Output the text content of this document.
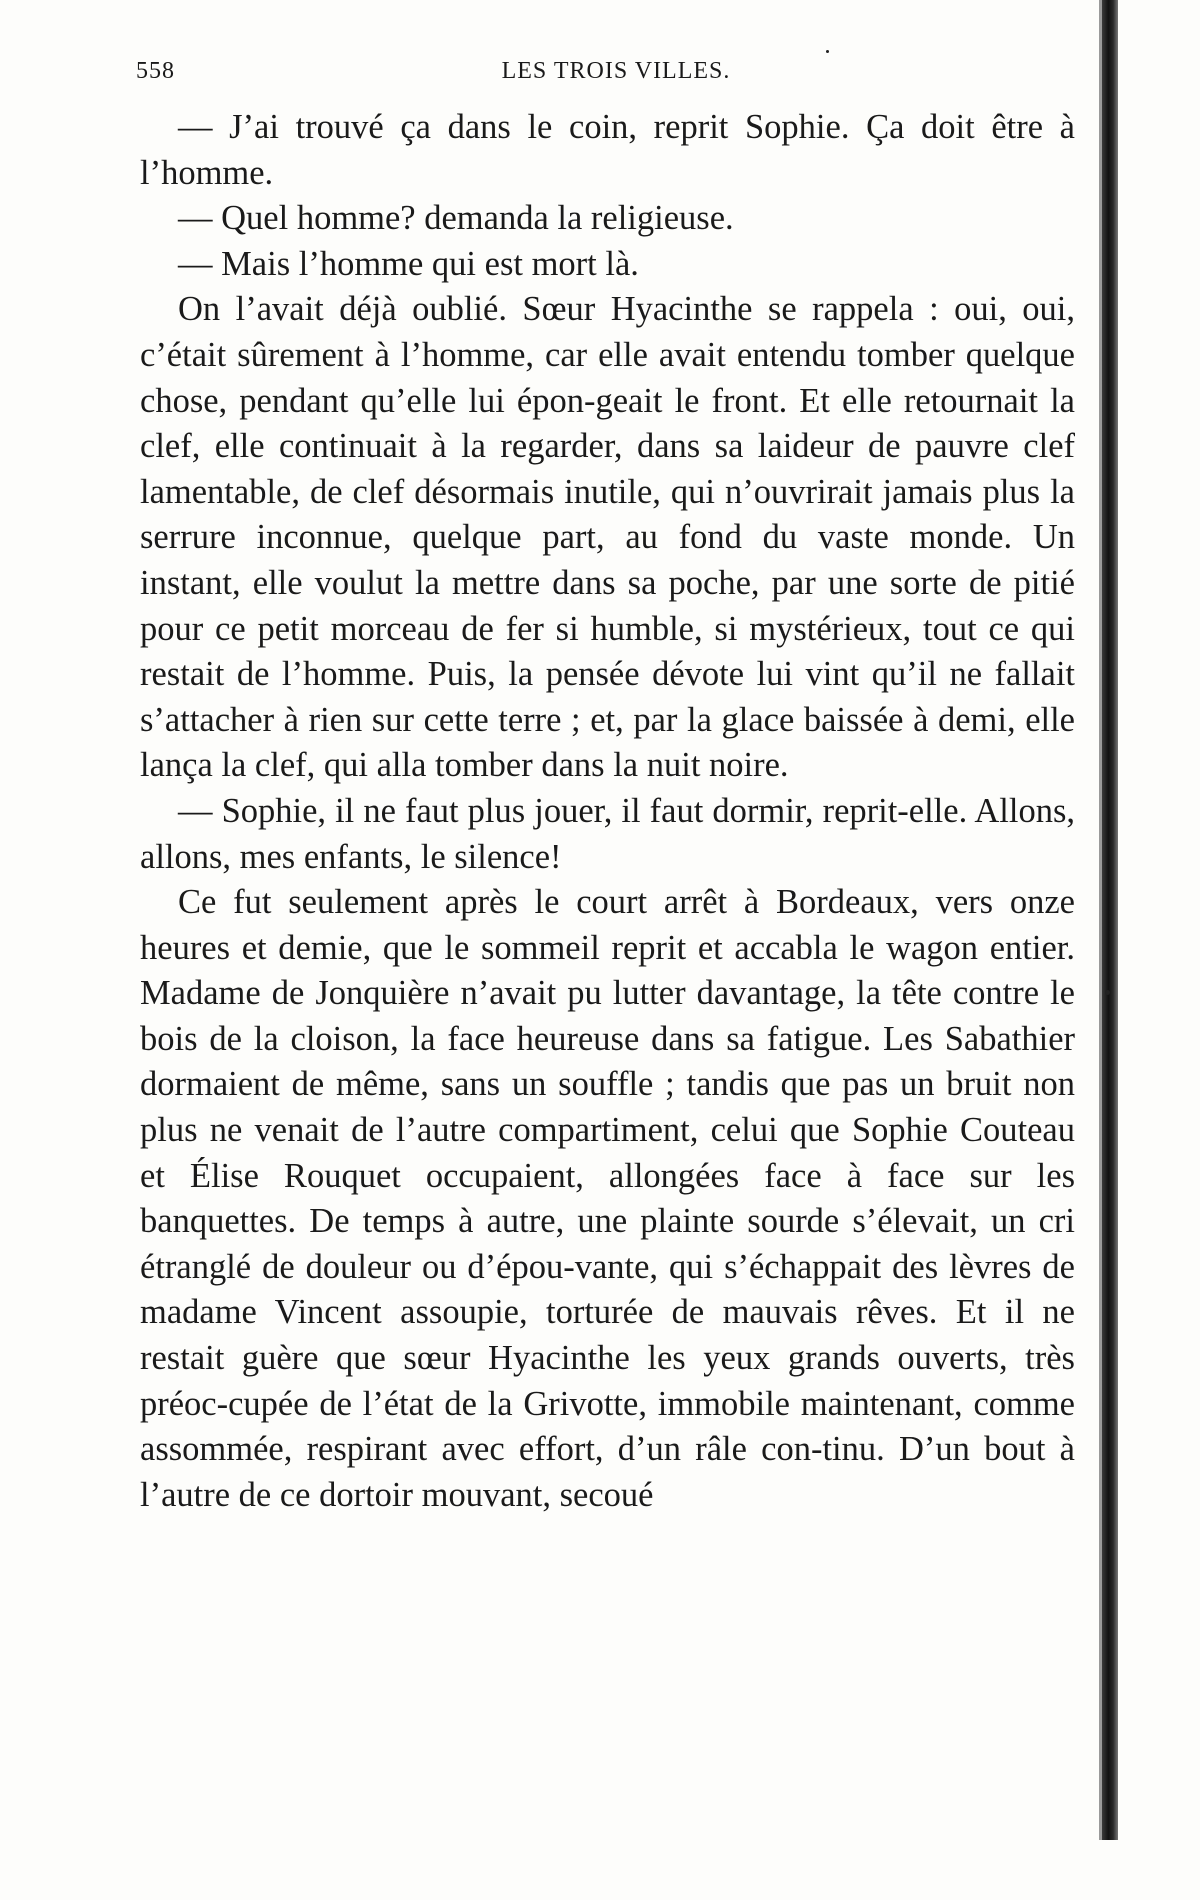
558	LES TROIS VILLES.

— J’ai trouvé ça dans le coin, reprit Sophie. Ça doit être à l’homme.

— Quel homme? demanda la religieuse.

— Mais l’homme qui est mort là.

On l’avait déjà oublié. Sœur Hyacinthe se rappela : oui, oui, c’était sûrement à l’homme, car elle avait entendu tomber quelque chose, pendant qu’elle lui épon-geait le front. Et elle retournait la clef, elle continuait à la regarder, dans sa laideur de pauvre clef lamentable, de clef désormais inutile, qui n’ouvrirait jamais plus la serrure inconnue, quelque part, au fond du vaste monde. Un instant, elle voulut la mettre dans sa poche, par une sorte de pitié pour ce petit morceau de fer si humble, si mystérieux, tout ce qui restait de l’homme. Puis, la pensée dévote lui vint qu’il ne fallait s’attacher à rien sur cette terre ; et, par la glace baissée à demi, elle lança la clef, qui alla tomber dans la nuit noire.

— Sophie, il ne faut plus jouer, il faut dormir, reprit-elle. Allons, allons, mes enfants, le silence!

Ce fut seulement après le court arrêt à Bordeaux, vers onze heures et demie, que le sommeil reprit et accabla le wagon entier. Madame de Jonquière n’avait pu lutter davantage, la tête contre le bois de la cloison, la face heureuse dans sa fatigue. Les Sabathier dormaient de même, sans un souffle ; tandis que pas un bruit non plus ne venait de l’autre compartiment, celui que Sophie Couteau et Élise Rouquet occupaient, allongées face à face sur les banquettes. De temps à autre, une plainte sourde s’élevait, un cri étranglé de douleur ou d’épou-vante, qui s’échappait des lèvres de madame Vincent assoupie, torturée de mauvais rêves. Et il ne restait guère que sœur Hyacinthe les yeux grands ouverts, très préoc-cupée de l’état de la Grivotte, immobile maintenant, comme assommée, respirant avec effort, d’un râle con-tinu. D’un bout à l’autre de ce dortoir mouvant, secoué
